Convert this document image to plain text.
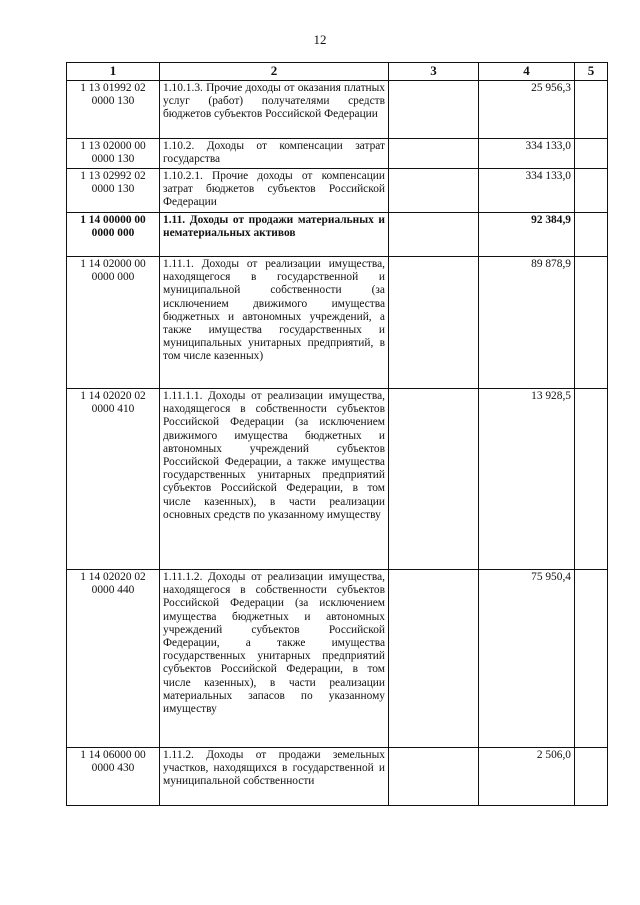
12
1	2	3	4	5
1 13 01992 02 0000 130	1.10.1.3. Прочие доходы от оказания платных услуг (работ) получателями средств бюджетов субъектов Российской Федерации		25 956,3	
1 13 02000 00 0000 130	1.10.2. Доходы от компенсации затрат государства		334 133,0	
1 13 02992 02 0000 130	1.10.2.1. Прочие доходы от компенсации затрат бюджетов субъектов Российской Федерации		334 133,0	
1 14 00000 00 0000 000	1.11. Доходы от продажи материальных и нематериальных активов		92 384,9	
1 14 02000 00 0000 000	1.11.1. Доходы от реализации имущества, находящегося в государственной и муниципальной собственности (за исключением движимого имущества бюджетных и автономных учреждений, а также имущества государственных и муниципальных унитарных предприятий, в том числе казенных)		89 878,9	
1 14 02020 02 0000 410	1.11.1.1. Доходы от реализации имущества, находящегося в собственности субъектов Российской Федерации (за исключением движимого имущества бюджетных и автономных учреждений субъектов Российской Федерации, а также имущества государственных унитарных предприятий субъектов Российской Федерации, в том числе казенных), в части реализации основных средств по указанному имуществу		13 928,5	
1 14 02020 02 0000 440	1.11.1.2. Доходы от реализации имущества, находящегося в собственности субъектов Российской Федерации (за исключением имущества бюджетных и автономных учреждений субъектов Российской Федерации, а также имущества государственных унитарных предприятий субъектов Российской Федерации, в том числе казенных), в части реализации материальных запасов по указанному имуществу		75 950,4	
1 14 06000 00 0000 430	1.11.2. Доходы от продажи земельных участков, находящихся в государственной и муниципальной собственности		2 506,0	
